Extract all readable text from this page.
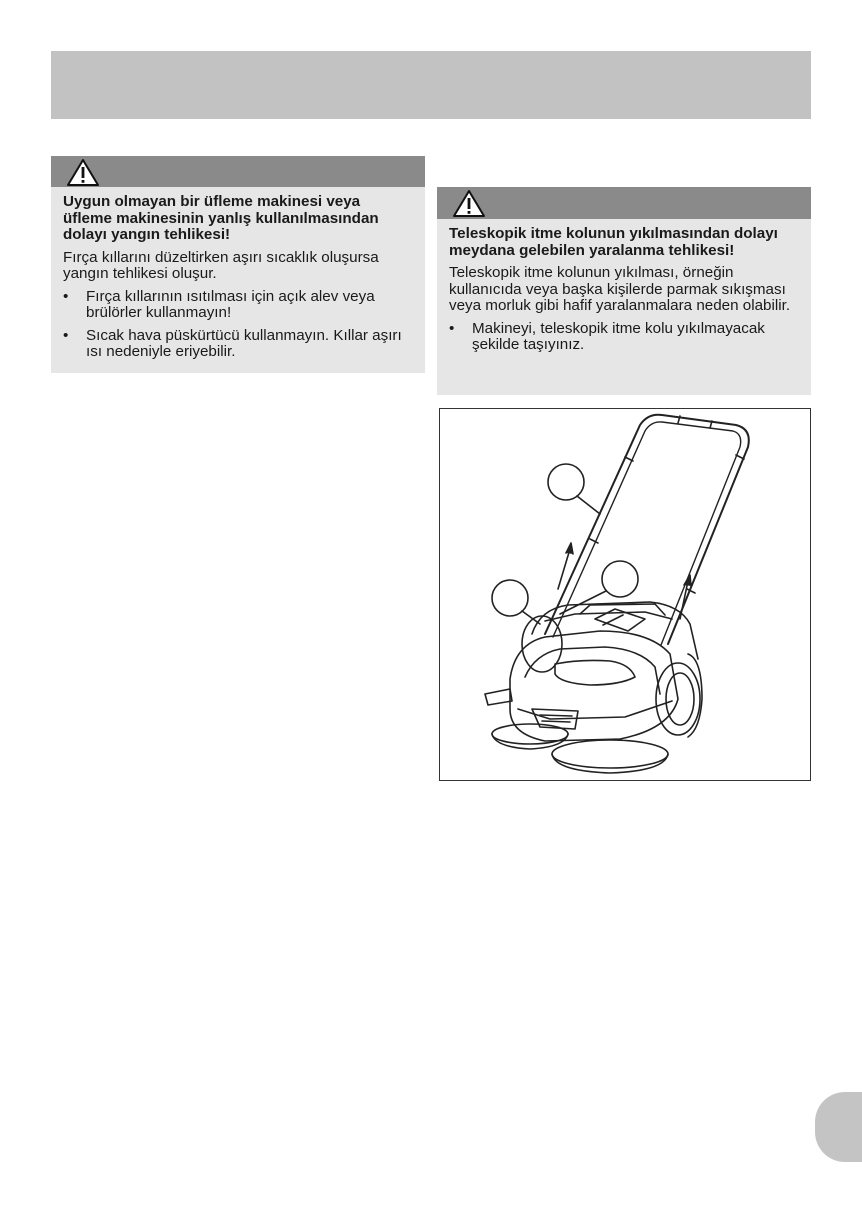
Uygun olmayan bir üfleme makinesi veya üfleme makinesinin yanlış kullanılmasından dolayı yangın tehlikesi!

Fırça kıllarını düzeltirken aşırı sıcaklık oluşursa yangın tehlikesi oluşur.

• Fırça kıllarının ısıtılması için açık alev veya brülörler kullanmayın!
• Sıcak hava püskürtücü kullanmayın. Kıllar aşırı ısı nedeniyle eriyebilir.

Teleskopik itme kolunun yıkılmasından dolayı meydana gelebilen yaralanma tehlikesi!

Teleskopik itme kolunun yıkılması, örneğin kullanıcıda veya başka kişilerde parmak sıkışması veya morluk gibi hafif yaralanmalara neden olabilir.

• Makineyi, teleskopik itme kolu yıkılmayacak şekilde taşıyınız.
